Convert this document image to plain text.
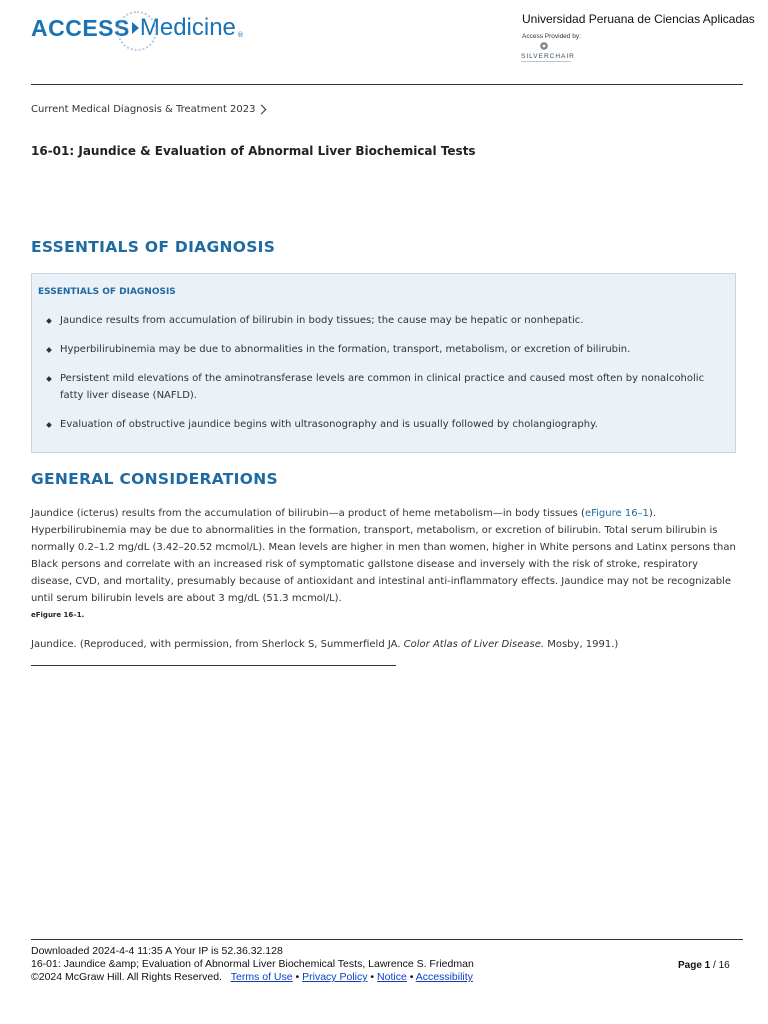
ACCESS Medicine ®
Universidad Peruana de Ciencias Aplicadas
Access Provided by:
SILVERCHAIR
Current Medical Diagnosis & Treatment 2023
16-01: Jaundice & Evaluation of Abnormal Liver Biochemical Tests
ESSENTIALS OF DIAGNOSIS
ESSENTIALS OF DIAGNOSIS
Jaundice results from accumulation of bilirubin in body tissues; the cause may be hepatic or nonhepatic.
Hyperbilirubinemia may be due to abnormalities in the formation, transport, metabolism, or excretion of bilirubin.
Persistent mild elevations of the aminotransferase levels are common in clinical practice and caused most often by nonalcoholic fatty liver disease (NAFLD).
Evaluation of obstructive jaundice begins with ultrasonography and is usually followed by cholangiography.
GENERAL CONSIDERATIONS
Jaundice (icterus) results from the accumulation of bilirubin—a product of heme metabolism—in body tissues (eFigure 16–1). Hyperbilirubinemia may be due to abnormalities in the formation, transport, metabolism, or excretion of bilirubin. Total serum bilirubin is normally 0.2–1.2 mg/dL (3.42–20.52 mcmol/L). Mean levels are higher in men than women, higher in White persons and Latinx persons than Black persons and correlate with an increased risk of symptomatic gallstone disease and inversely with the risk of stroke, respiratory disease, CVD, and mortality, presumably because of antioxidant and intestinal anti-inflammatory effects. Jaundice may not be recognizable until serum bilirubin levels are about 3 mg/dL (51.3 mcmol/L).
eFigure 16–1.
Jaundice. (Reproduced, with permission, from Sherlock S, Summerfield JA. Color Atlas of Liver Disease. Mosby, 1991.)
Downloaded 2024-4-4 11:35 A Your IP is 52.36.32.128
16-01: Jaundice &amp; Evaluation of Abnormal Liver Biochemical Tests, Lawrence S. Friedman
©2024 McGraw Hill. All Rights Reserved. Terms of Use • Privacy Policy • Notice • Accessibility
Page 1 / 16
